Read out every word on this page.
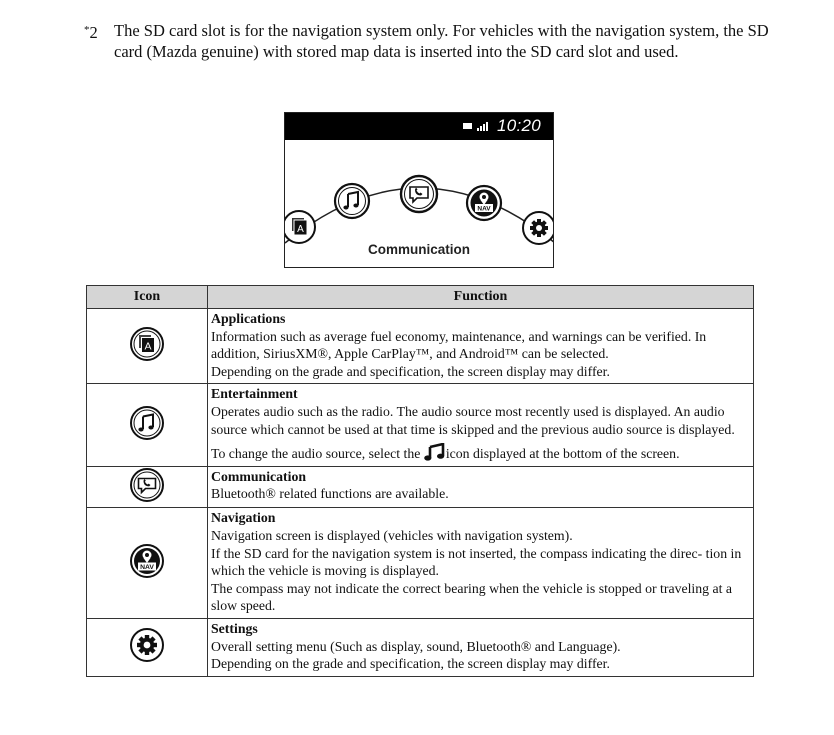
*2 The SD card slot is for the navigation system only. For vehicles with the navigation system, the SD card (Mazda genuine) with stored map data is inserted into the SD card slot and used.
10:20
A
NAV
Communication
Icon	Function

A	Applications
Information such as average fuel economy, maintenance, and warnings can be verified. In addition, SiriusXM®, Apple CarPlay™, and Android™ can be selected.
Depending on the grade and specification, the screen display may differ.

Entertainment
Operates audio such as the radio. The audio source most recently used is displayed. An audio source which cannot be used at that time is skipped and the previous audio source is displayed.
To change the audio source, select the icon displayed at the bottom of the screen.

Communication
Bluetooth® related functions are available.

NAV	Navigation
Navigation screen is displayed (vehicles with navigation system).
If the SD card for the navigation system is not inserted, the compass indicating the direc- tion in which the vehicle is moving is displayed.
The compass may not indicate the correct bearing when the vehicle is stopped or traveling at a slow speed.

Settings
Overall setting menu (Such as display, sound, Bluetooth® and Language).
Depending on the grade and specification, the screen display may differ.
